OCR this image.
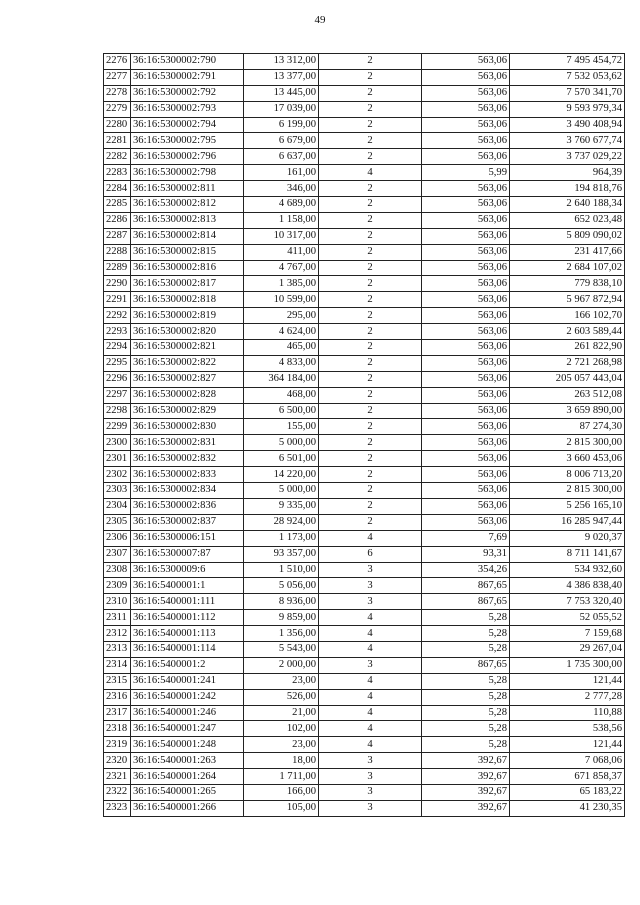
49
2276	36:16:5300002:790	13 312,00	2	563,06	7 495 454,72
2277	36:16:5300002:791	13 377,00	2	563,06	7 532 053,62
2278	36:16:5300002:792	13 445,00	2	563,06	7 570 341,70
2279	36:16:5300002:793	17 039,00	2	563,06	9 593 979,34
2280	36:16:5300002:794	6 199,00	2	563,06	3 490 408,94
2281	36:16:5300002:795	6 679,00	2	563,06	3 760 677,74
2282	36:16:5300002:796	6 637,00	2	563,06	3 737 029,22
2283	36:16:5300002:798	161,00	4	5,99	964,39
2284	36:16:5300002:811	346,00	2	563,06	194 818,76
2285	36:16:5300002:812	4 689,00	2	563,06	2 640 188,34
2286	36:16:5300002:813	1 158,00	2	563,06	652 023,48
2287	36:16:5300002:814	10 317,00	2	563,06	5 809 090,02
2288	36:16:5300002:815	411,00	2	563,06	231 417,66
2289	36:16:5300002:816	4 767,00	2	563,06	2 684 107,02
2290	36:16:5300002:817	1 385,00	2	563,06	779 838,10
2291	36:16:5300002:818	10 599,00	2	563,06	5 967 872,94
2292	36:16:5300002:819	295,00	2	563,06	166 102,70
2293	36:16:5300002:820	4 624,00	2	563,06	2 603 589,44
2294	36:16:5300002:821	465,00	2	563,06	261 822,90
2295	36:16:5300002:822	4 833,00	2	563,06	2 721 268,98
2296	36:16:5300002:827	364 184,00	2	563,06	205 057 443,04
2297	36:16:5300002:828	468,00	2	563,06	263 512,08
2298	36:16:5300002:829	6 500,00	2	563,06	3 659 890,00
2299	36:16:5300002:830	155,00	2	563,06	87 274,30
2300	36:16:5300002:831	5 000,00	2	563,06	2 815 300,00
2301	36:16:5300002:832	6 501,00	2	563,06	3 660 453,06
2302	36:16:5300002:833	14 220,00	2	563,06	8 006 713,20
2303	36:16:5300002:834	5 000,00	2	563,06	2 815 300,00
2304	36:16:5300002:836	9 335,00	2	563,06	5 256 165,10
2305	36:16:5300002:837	28 924,00	2	563,06	16 285 947,44
2306	36:16:5300006:151	1 173,00	4	7,69	9 020,37
2307	36:16:5300007:87	93 357,00	6	93,31	8 711 141,67
2308	36:16:5300009:6	1 510,00	3	354,26	534 932,60
2309	36:16:5400001:1	5 056,00	3	867,65	4 386 838,40
2310	36:16:5400001:111	8 936,00	3	867,65	7 753 320,40
2311	36:16:5400001:112	9 859,00	4	5,28	52 055,52
2312	36:16:5400001:113	1 356,00	4	5,28	7 159,68
2313	36:16:5400001:114	5 543,00	4	5,28	29 267,04
2314	36:16:5400001:2	2 000,00	3	867,65	1 735 300,00
2315	36:16:5400001:241	23,00	4	5,28	121,44
2316	36:16:5400001:242	526,00	4	5,28	2 777,28
2317	36:16:5400001:246	21,00	4	5,28	110,88
2318	36:16:5400001:247	102,00	4	5,28	538,56
2319	36:16:5400001:248	23,00	4	5,28	121,44
2320	36:16:5400001:263	18,00	3	392,67	7 068,06
2321	36:16:5400001:264	1 711,00	3	392,67	671 858,37
2322	36:16:5400001:265	166,00	3	392,67	65 183,22
2323	36:16:5400001:266	105,00	3	392,67	41 230,35
